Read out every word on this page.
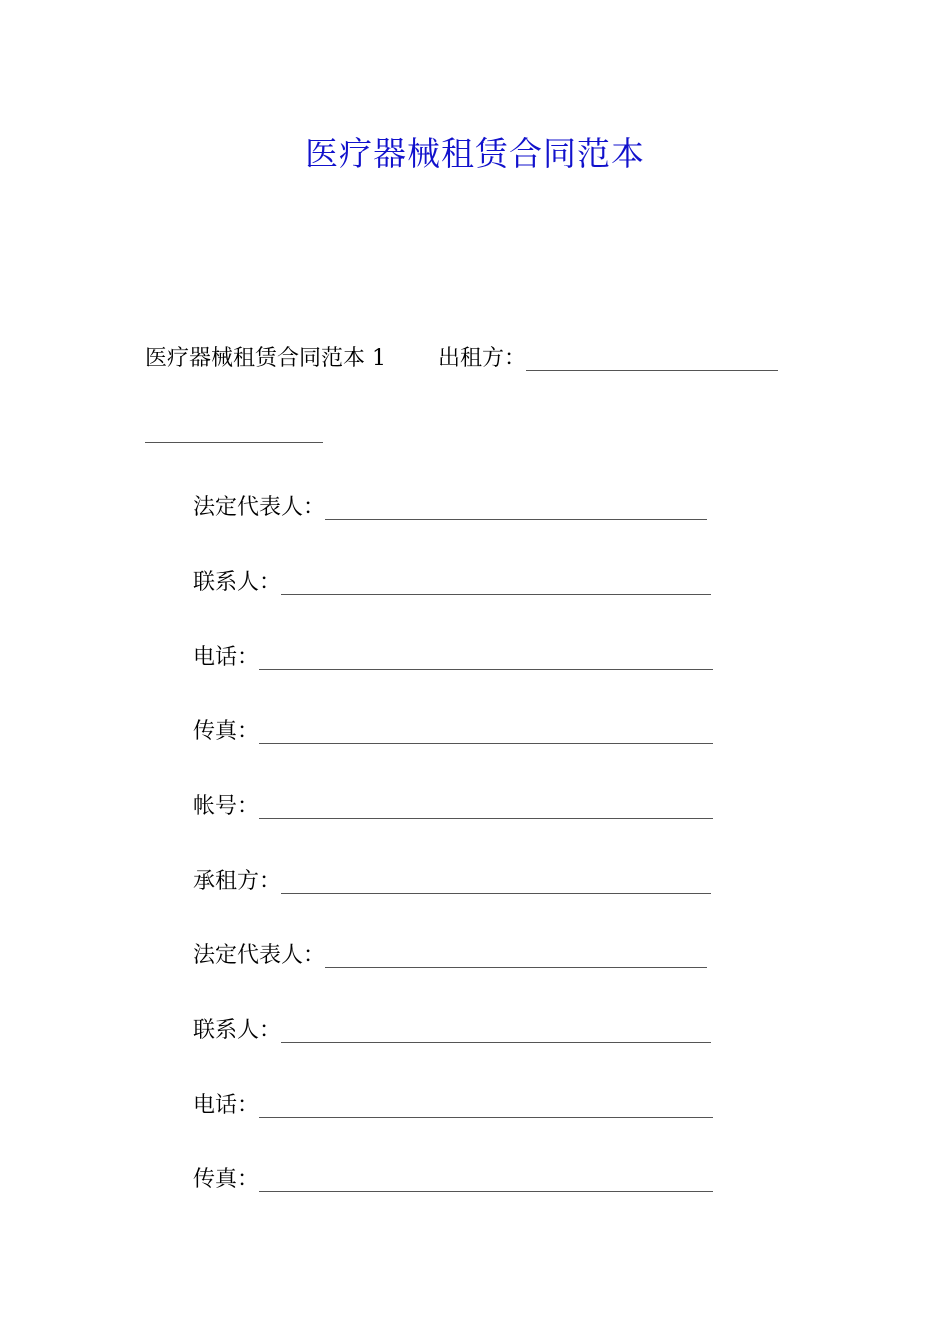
医疗器械租赁合同范本
医疗器械租赁合同范本 1 出租方：
法定代表人：
联系人：
电话：
传真：
帐号：
承租方：
法定代表人：
联系人：
电话：
传真：
